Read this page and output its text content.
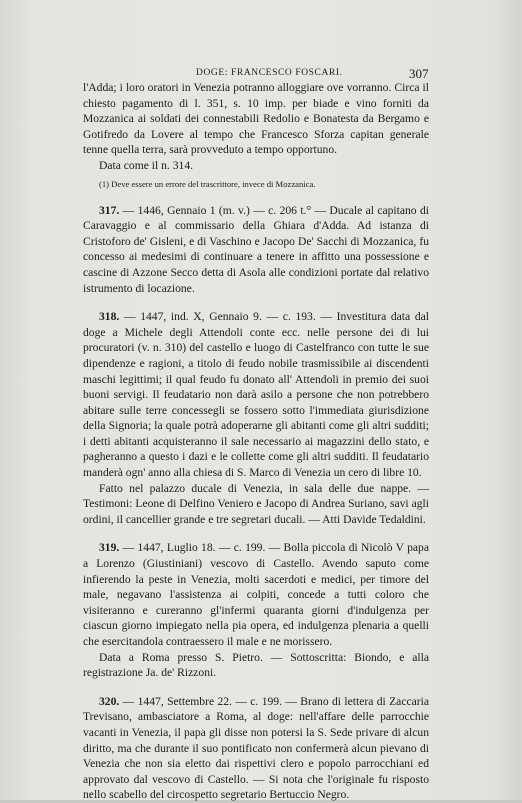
DOGE: FRANCESCO FOSCARI.	307

l'Adda; i loro oratori in Venezia potranno alloggiare ove vorranno. Circa il chiesto pagamento di l. 351, s. 10 imp. per biade e vino forniti da Mozzanica ai soldati dei connestabili Redolio e Bonatesta da Bergamo e Gotifredo da Lovere al tempo che Francesco Sforza capitan generale tenne quella terra, sarà provveduto a tempo opportuno.

Data come il n. 314.

(1) Deve essere un errore del trascrittore, invece di Mozzanica.

317. — 1446, Gennaio 1 (m. v.) — c. 206 t.° — Ducale al capitano di Caravaggio e al commissario della Ghiara d'Adda. Ad istanza di Cristoforo de' Gisleni, e di Vaschino e Jacopo De' Sacchi di Mozzanica, fu concesso ai medesimi di continuare a tenere in affitto una possessione e cascine di Azzone Secco detta di Asola alle condizioni portate dal relativo istrumento di locazione.

318. — 1447, ind. X, Gennaio 9. — c. 193. — Investitura data dal doge a Michele degli Attendoli conte ecc. nelle persone dei di lui procuratori (v. n. 310) del castello e luogo di Castelfranco con tutte le sue dipendenze e ragioni, a titolo di feudo nobile trasmissibile ai discendenti maschi legittimi; il qual feudo fu donato all' Attendoli in premio dei suoi buoni servigi. Il feudatario non darà asilo a persone che non potrebbero abitare sulle terre concessegli se fossero sotto l'immediata giurisdizione della Signoria; la quale potrà adoperarne gli abitanti come gli altri sudditi; i detti abitanti acquisteranno il sale necessario ai magazzini dello stato, e pagheranno a questo i dazi e le collette come gli altri sudditi. Il feudatario manderà ogn' anno alla chiesa di S. Marco di Venezia un cero di libre 10.

Fatto nel palazzo ducale di Venezia, in sala delle due nappe. — Testimoni: Leone di Delfino Veniero e Jacopo di Andrea Suriano, savi agli ordini, il cancellier grande e tre segretari ducali. — Atti Davide Tedaldini.

319. — 1447, Luglio 18. — c. 199. — Bolla piccola di Nicolò V papa a Lorenzo (Giustiniani) vescovo di Castello. Avendo saputo come infierendo la peste in Venezia, molti sacerdoti e medici, per timore del male, negavano l'assistenza ai colpiti, concede a tutti coloro che visiteranno e cureranno gl'infermi quaranta giorni d'indulgenza per ciascun giorno impiegato nella pia opera, ed indulgenza plenaria a quelli che esercitandola contraessero il male e ne morissero.

Data a Roma presso S. Pietro. — Sottoscritta: Biondo, e alla registrazione Ja. de' Rizzoni.

320. — 1447, Settembre 22. — c. 199. — Brano di lettera di Zaccaria Trevisano, ambasciatore a Roma, al doge: nell'affare delle parrocchie vacanti in Venezia, il papa gli disse non potersi la S. Sede privare di alcun diritto, ma che durante il suo pontificato non confermerà alcun pievano di Venezia che non sia eletto dai rispettivi clero e popolo parrocchiani ed approvato dal vescovo di Castello. — Si nota che l'originale fu risposto nello scabello del circospetto segretario Bertuccio Negro.
